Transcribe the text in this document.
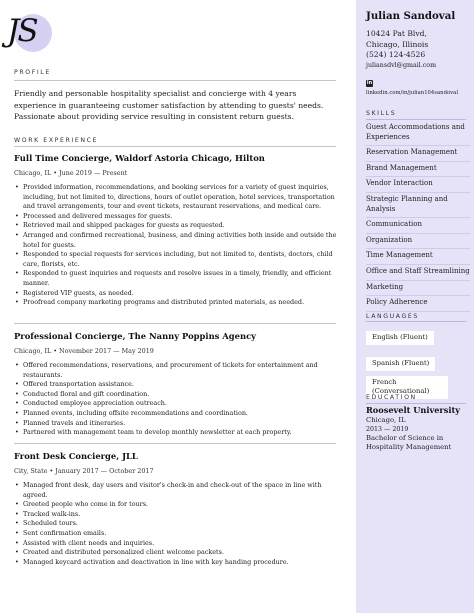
JS
PROFILE
Friendly and personable hospitality specialist and concierge with 4 years experience in guaranteeing customer satisfaction by attending to guests' needs. Passionate about providing service resulting in consistent return guests.
WORK EXPERIENCE
Full Time Concierge, Waldorf Astoria Chicago, Hilton
Chicago, IL • June 2019 — Present
• Provided information, recommendations, and booking services for a variety of guest inquiries, including, but not limited to, directions, hours of outlet operation, hotel services, transportation and travel arrangements, tour and event tickets, restaurant reservations, and medical care.
• Processed and delivered messages for guests.
• Retrieved mail and shipped packages for guests as requested.
• Arranged and confirmed recreational, business, and dining activities both inside and outside the hotel for guests.
• Responded to special requests for services including, but not limited to, dentists, doctors, child care, florists, etc.
• Responded to guest inquiries and requests and resolve issues in a timely, friendly, and efficient manner.
• Registered VIP guests, as needed.
• Proofread company marketing programs and distributed printed materials, as needed.
Professional Concierge, The Nanny Poppins Agency
Chicago, IL • November 2017 — May 2019
• Offered recommendations, reservations, and procurement of tickets for entertainment and restaurants.
• Offered transportation assistance.
• Conducted floral and gift coordination.
• Conducted employee appreciation outreach.
• Planned events, including offsite recommendations and coordination.
• Planned travels and itineraries.
• Partnered with management team to develop monthly newsletter at each property.
Front Desk Concierge, JLL
City, State • January 2017 — October 2017
• Managed front desk, day users and visitor's check-in and check-out of the space in line with agreed.
• Greeted people who come in for tours.
• Tracked walk-ins.
• Scheduled tours.
• Sent confirmation emails.
• Assisted with client needs and inquiries.
• Created and distributed personalized client welcome packets.
• Managed keycard activation and deactivation in line with key handing procedure.
Julian Sandoval
10424 Pat Blvd,
Chicago, Illinois
(524) 124-4526
juliansdvl@gmail.com
in
linkedin.com/in/julian104sandoval
SKILLS
Guest Accommodations and Experiences
Reservation Management
Brand Management
Vendor Interaction
Strategic Planning and Analysis
Communication
Organization
Time Management
Office and Staff Streamlining
Marketing
Policy Adherence
LANGUAGES
English (Fluent)
Spanish (Fluent)
French (Conversational)
EDUCATION
Roosevelt University
Chicago, IL
2013 — 2019
Bachelor of Science in Hospitality Management
